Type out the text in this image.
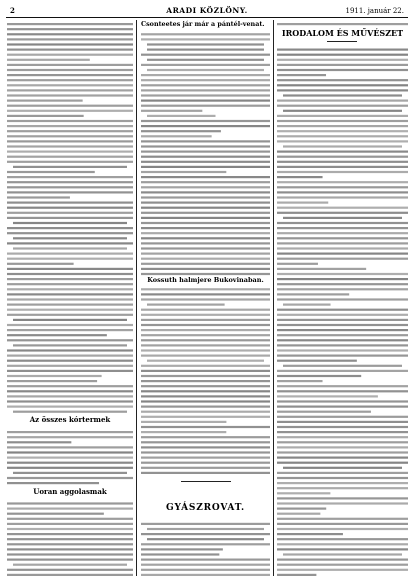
2	ARADI KÖZLÖNY.	1911. január 22.
Az összes kórtermek
Uoran aggolasmak
Csonteetes jár már a pántél-venat.
Kossuth halmjere Bukovinaban.
GYÁSZROVAT.
IRODALOM ÉS MŰVÉSZET
